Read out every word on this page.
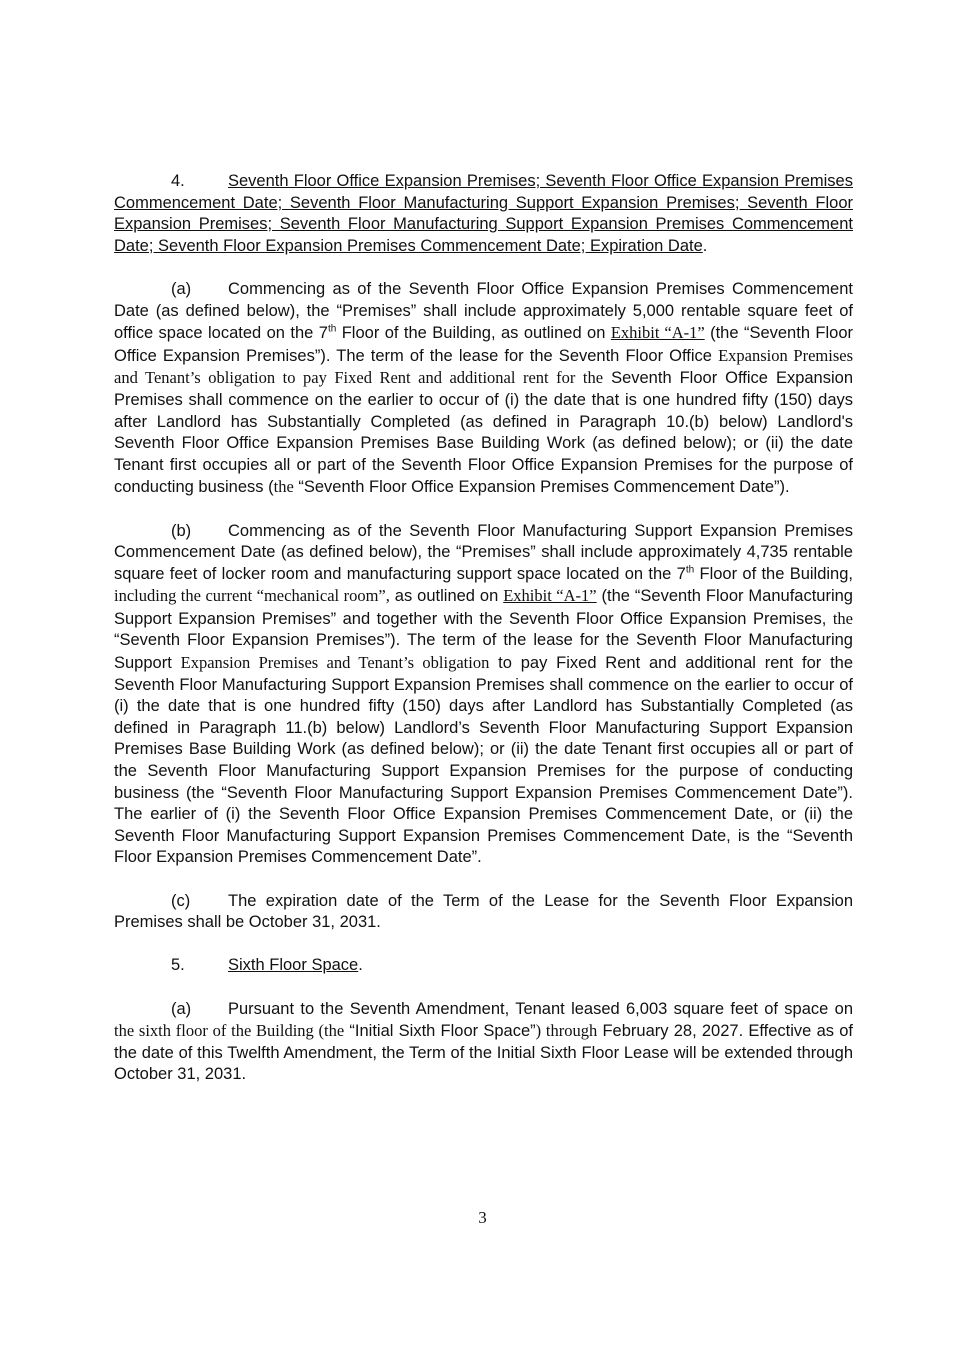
4.	Seventh Floor Office Expansion Premises; Seventh Floor Office Expansion Premises Commencement Date; Seventh Floor Manufacturing Support Expansion Premises; Seventh Floor Expansion Premises; Seventh Floor Manufacturing Support Expansion Premises Commencement Date; Seventh Floor Expansion Premises Commencement Date; Expiration Date.

(a) Commencing as of the Seventh Floor Office Expansion Premises Commencement Date (as defined below), the “Premises” shall include approximately 5,000 rentable square feet of office space located on the 7th Floor of the Building, as outlined on Exhibit “A-1” (the “Seventh Floor Office Expansion Premises”). The term of the lease for the Seventh Floor Office Expansion Premises and Tenant’s obligation to pay Fixed Rent and additional rent for the Seventh Floor Office Expansion Premises shall commence on the earlier to occur of (i) the date that is one hundred fifty (150) days after Landlord has Substantially Completed (as defined in Paragraph 10.(b) below) Landlord's Seventh Floor Office Expansion Premises Base Building Work (as defined below); or (ii) the date Tenant first occupies all or part of the Seventh Floor Office Expansion Premises for the purpose of conducting business (the “Seventh Floor Office Expansion Premises Commencement Date”).

(b) Commencing as of the Seventh Floor Manufacturing Support Expansion Premises Commencement Date (as defined below), the “Premises” shall include approximately 4,735 rentable square feet of locker room and manufacturing support space located on the 7th Floor of the Building, including the current “mechanical room”, as outlined on Exhibit “A-1” (the “Seventh Floor Manufacturing Support Expansion Premises” and together with the Seventh Floor Office Expansion Premises, the “Seventh Floor Expansion Premises”). The term of the lease for the Seventh Floor Manufacturing Support Expansion Premises and Tenant’s obligation to pay Fixed Rent and additional rent for the Seventh Floor Manufacturing Support Expansion Premises shall commence on the earlier to occur of (i) the date that is one hundred fifty (150) days after Landlord has Substantially Completed (as defined in Paragraph 11.(b) below) Landlord’s Seventh Floor Manufacturing Support Expansion Premises Base Building Work (as defined below); or (ii) the date Tenant first occupies all or part of the Seventh Floor Manufacturing Support Expansion Premises for the purpose of conducting business (the “Seventh Floor Manufacturing Support Expansion Premises Commencement Date”). The earlier of (i) the Seventh Floor Office Expansion Premises Commencement Date, or (ii) the Seventh Floor Manufacturing Support Expansion Premises Commencement Date, is the “Seventh Floor Expansion Premises Commencement Date”.

(c) The expiration date of the Term of the Lease for the Seventh Floor Expansion Premises shall be October 31, 2031.

5.	Sixth Floor Space.

(a) Pursuant to the Seventh Amendment, Tenant leased 6,003 square feet of space on the sixth floor of the Building (the “Initial Sixth Floor Space”) through February 28, 2027. Effective as of the date of this Twelfth Amendment, the Term of the Initial Sixth Floor Lease will be extended through October 31, 2031.

3
